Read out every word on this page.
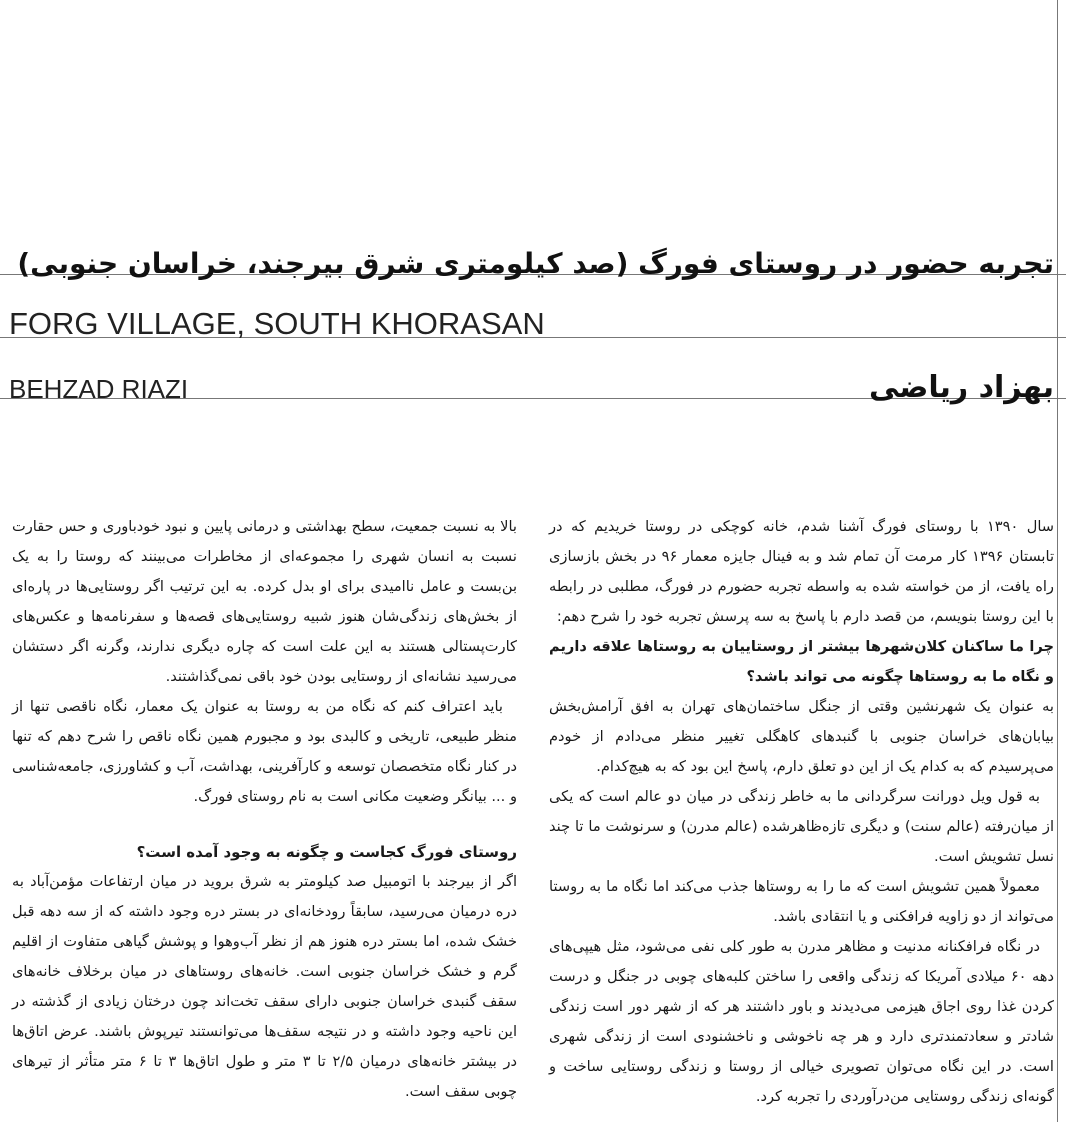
تجربه حضور در روستای فورگ (صد کیلومتری شرق بیرجند، خراسان جنوبی)
FORG VILLAGE, SOUTH KHORASAN
BEHZAD RIAZI	بهزاد ریاضی

سال ۱۳۹۰ با روستای فورگ آشنا شدم، خانه کوچکی در روستا خریدیم که در تابستان ۱۳۹۶ کار مرمت آن تمام شد و به فینال جایزه معمار ۹۶ در بخش بازسازی راه یافت، از من خواسته شده به واسطه تجربه حضورم در فورگ، مطلبی در رابطه با این روستا بنویسم، من قصد دارم با پاسخ به سه پرسش تجربه خود را شرح دهم:

چرا ما ساکنان کلان‌شهرها بیشتر از روستاییان به روستاها علاقه داریم و نگاه ما به روستاها چگونه می تواند باشد؟

به عنوان یک شهرنشین وقتی از جنگل ساختمان‌های تهران به افق آرامش‌بخش بیابان‌های خراسان جنوبی با گنبدهای کاهگلی تغییر منظر می‌دادم از خودم می‌پرسیدم که به کدام یک از این دو تعلق دارم، پاسخ این بود که به هیچ‌کدام.

به قول ویل دورانت سرگردانی ما به خاطر زندگی در میان دو عالم است که یکی از میان‌رفته (عالم سنت) و دیگری تازه‌ظاهرشده (عالم مدرن) و سرنوشت ما تا چند نسل تشویش است.

معمولاً همین تشویش است که ما را به روستاها جذب می‌کند اما نگاه ما به روستا می‌تواند از دو زاویه فرافکنی و یا انتقادی باشد.

در نگاه فرافکنانه مدنیت و مظاهر مدرن به طور کلی نفی می‌شود، مثل هیپی‌های دهه ۶۰ میلادی آمریکا که زندگی واقعی را ساختن کلبه‌های چوبی در جنگل و درست کردن غذا روی اجاق هیزمی می‌دیدند و باور داشتند هر که از شهر دور است زندگی شادتر و سعادتمندتری دارد و هر چه ناخوشی و ناخشنودی است از زندگی شهری است. در این نگاه می‌توان تصویری خیالی از روستا و زندگی روستایی ساخت و گونه‌ای زندگی روستایی من‌درآوردی را تجربه کرد.

بالا به نسبت جمعیت، سطح بهداشتی و درمانی پایین و نبود خودباوری و حس حقارت نسبت به انسان شهری را مجموعه‌ای از مخاطرات می‌بینند که روستا را به یک بن‌بست و عامل ناامیدی برای او بدل کرده. به این ترتیب اگر روستایی‌ها در پاره‌ای از بخش‌های زندگی‌شان هنوز شبیه روستایی‌های قصه‌ها و سفرنامه‌ها و عکس‌های کارت‌پستالی هستند به این علت است که چاره دیگری ندارند، وگرنه اگر دستشان می‌رسید نشانه‌ای از روستایی بودن خود باقی نمی‌گذاشتند.

باید اعتراف کنم که نگاه من به روستا به عنوان یک معمار، نگاه ناقصی تنها از منظر طبیعی، تاریخی و کالبدی بود و مجبورم همین نگاه ناقص را شرح دهم که تنها در کنار نگاه متخصصان توسعه و کارآفرینی، بهداشت، آب و کشاورزی، جامعه‌شناسی و ... بیانگر وضعیت مکانی است به نام روستای فورگ.

روستای فورگ کجاست و چگونه به وجود آمده است؟

اگر از بیرجند با اتومبیل صد کیلومتر به شرق بروید در میان ارتفاعات مؤمن‌آباد به دره درمیان می‌رسید، سابقاً رودخانه‌ای در بستر دره وجود داشته که از سه دهه قبل خشک شده، اما بستر دره هنوز هم از نظر آب‌وهوا و پوشش گیاهی متفاوت از اقلیم گرم و خشک خراسان جنوبی است. خانه‌های روستاهای در میان برخلاف خانه‌های سقف گنبدی خراسان جنوبی دارای سقف تخت‌اند چون درختان زیادی از گذشته در این ناحیه وجود داشته و در نتیجه سقف‌ها می‌توانستند تیرپوش باشند. عرض اتاق‌ها در بیشتر خانه‌های درمیان ۲/۵ تا ۳ متر و طول اتاق‌ها ۳ تا ۶ متر متأثر از تیرهای چوبی سقف است.
